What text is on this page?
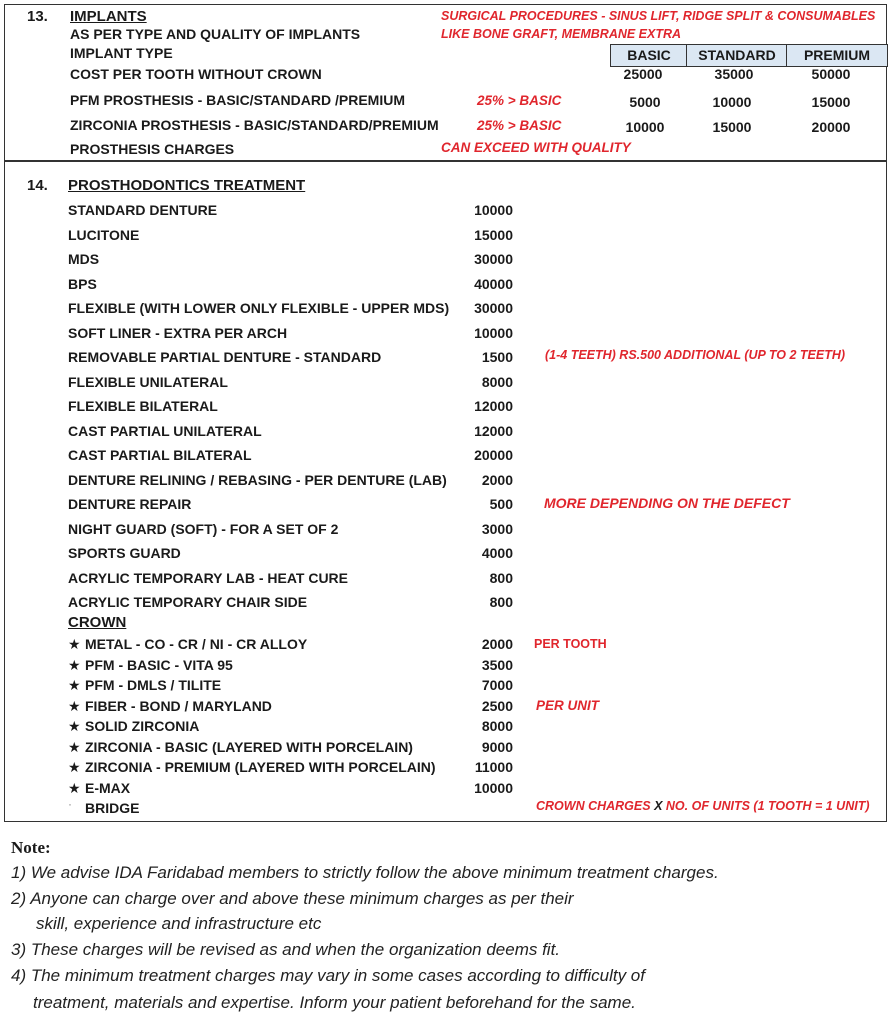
13. IMPLANTS
AS PER TYPE AND QUALITY OF IMPLANTS
IMPLANT TYPE
SURGICAL PROCEDURES - SINUS LIFT, RIDGE SPLIT & CONSUMABLES
LIKE BONE GRAFT, MEMBRANE EXTRA
BASIC	STANDARD	PREMIUM
COST PER TOOTH WITHOUT CROWN	25000	35000	50000
PFM PROSTHESIS - BASIC/STANDARD /PREMIUM	25% > BASIC	5000	10000	15000
ZIRCONIA PROSTHESIS - BASIC/STANDARD/PREMIUM	25% > BASIC	10000	15000	20000
PROSTHESIS CHARGES	CAN EXCEED WITH QUALITY
14. PROSTHODONTICS TREATMENT
STANDARD DENTURE	10000
LUCITONE	15000
MDS	30000
BPS	40000
FLEXIBLE (WITH LOWER ONLY FLEXIBLE - UPPER MDS)	30000
SOFT LINER - EXTRA PER ARCH	10000
REMOVABLE PARTIAL DENTURE - STANDARD	1500	(1-4 TEETH) RS.500 ADDITIONAL (UP TO 2 TEETH)
FLEXIBLE UNILATERAL	8000
FLEXIBLE BILATERAL	12000
CAST PARTIAL UNILATERAL	12000
CAST PARTIAL BILATERAL	20000
DENTURE RELINING / REBASING - PER DENTURE (LAB)	2000
DENTURE REPAIR	500 MORE DEPENDING ON THE DEFECT
NIGHT GUARD (SOFT) - FOR A SET OF 2	3000
SPORTS GUARD	4000
ACRYLIC TEMPORARY LAB - HEAT CURE	800
ACRYLIC TEMPORARY CHAIR SIDE	800
CROWN
★ METAL - CO - CR / NI - CR ALLOY	2000
★ PFM - BASIC - VITA 95	3500
★ PFM - DMLS / TILITE	7000
★ FIBER - BOND / MARYLAND	2500
★ SOLID ZIRCONIA	8000
★ ZIRCONIA - BASIC (LAYERED WITH PORCELAIN)	9000
★ ZIRCONIA - PREMIUM (LAYERED WITH PORCELAIN)	11000
★ E-MAX	10000
PER TOOTH
PER UNIT
· BRIDGE	CROWN CHARGES X NO. OF UNITS (1 TOOTH = 1 UNIT)
Note:
1) We advise IDA Faridabad members to strictly follow the above minimum treatment charges.
2) Anyone can charge over and above these minimum charges as per their
skill, experience and infrastructure etc
3) These charges will be revised as and when the organization deems fit.
4) The minimum treatment charges may vary in some cases according to difficulty of
treatment, materials and expertise. Inform your patient beforehand for the same.
